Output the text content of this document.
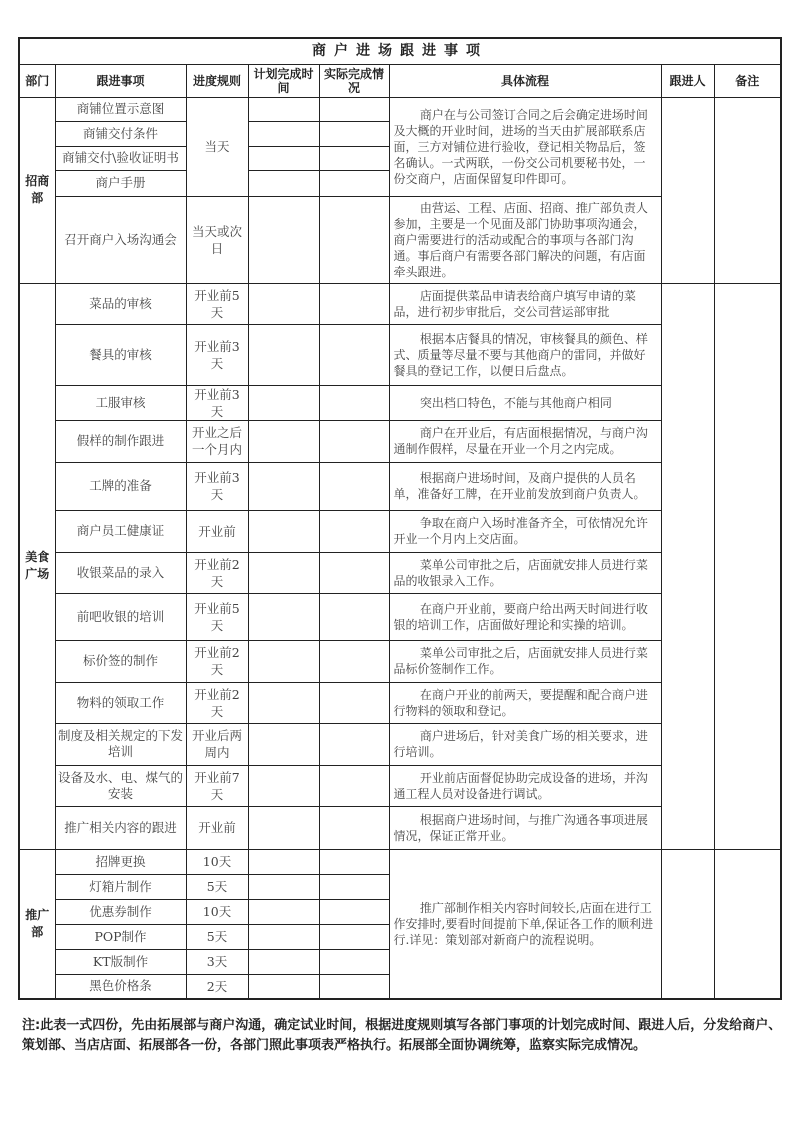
商户进场跟进事项							
部门	跟进事项	进度规则	计划完成时间	实际完成情况	具体流程	跟进人	备注
招商部	商铺位置示意图	当天			商户在与公司签订合同之后会确定进场时间及大概的开业时间，进场的当天由扩展部联系店面，三方对铺位进行验收，登记相关物品后，签名确认。一式两联，一份交公司机要秘书处，一份交商户，店面保留复印件即可。		
	商铺交付条件						
	商铺交付\验收证明书						
	商户手册						
	召开商户入场沟通会	当天或次日			由营运、工程、店面、招商、推广部负责人参加，主要是一个见面及部门协助事项沟通会，商户需要进行的活动或配合的事项与各部门沟通。事后商户有需要各部门解决的问题，有店面牵头跟进。		
美食广场	菜品的审核	开业前5天			店面提供菜品申请表给商户填写申请的菜品，进行初步审批后，交公司营运部审批		
	餐具的审核	开业前3天			根据本店餐具的情况，审核餐具的颜色、样式、质量等尽量不要与其他商户的雷同，并做好餐具的登记工作，以便日后盘点。		
	工服审核	开业前3天			突出档口特色，不能与其他商户相同		
	假样的制作跟进	开业之后一个月内			商户在开业后，有店面根据情况，与商户沟通制作假样，尽量在开业一个月之内完成。		
	工牌的准备	开业前3天			根据商户进场时间，及商户提供的人员名单，准备好工牌，在开业前发放到商户负责人。		
	商户员工健康证	开业前			争取在商户入场时准备齐全，可依情况允许开业一个月内上交店面。		
	收银菜品的录入	开业前2天			菜单公司审批之后，店面就安排人员进行菜品的收银录入工作。		
	前吧收银的培训	开业前5天			在商户开业前，要商户给出两天时间进行收银的培训工作，店面做好理论和实操的培训。		
	标价签的制作	开业前2天			菜单公司审批之后，店面就安排人员进行菜品标价签制作工作。		
	物料的领取工作	开业前2天			在商户开业的前两天，要提醒和配合商户进行物料的领取和登记。		
	制度及相关规定的下发培训	开业后两周内			商户进场后，针对美食广场的相关要求，进行培训。		
	设备及水、电、煤气的安装	开业前7天			开业前店面督促协助完成设备的进场，并沟通工程人员对设备进行调试。		
	推广相关内容的跟进	开业前			根据商户进场时间，与推广沟通各事项进展情况，保证正常开业。		
推广部	招牌更换	10天			推广部制作相关内容时间较长,店面在进行工作安排时,要看时间提前下单,保证各工作的顺利进行.详见：策划部对新商户的流程说明。		
	灯箱片制作	5天					
	优惠券制作	10天					
	POP制作	5天					
	KT版制作	3天					
	黑色价格条	2天					
注:此表一式四份，先由拓展部与商户沟通，确定试业时间，根据进度规则填写各部门事项的计划完成时间、跟进人后，分发给商户、策划部、当店店面、拓展部各一份，各部门照此事项表严格执行。拓展部全面协调统筹，监察实际完成情况。
